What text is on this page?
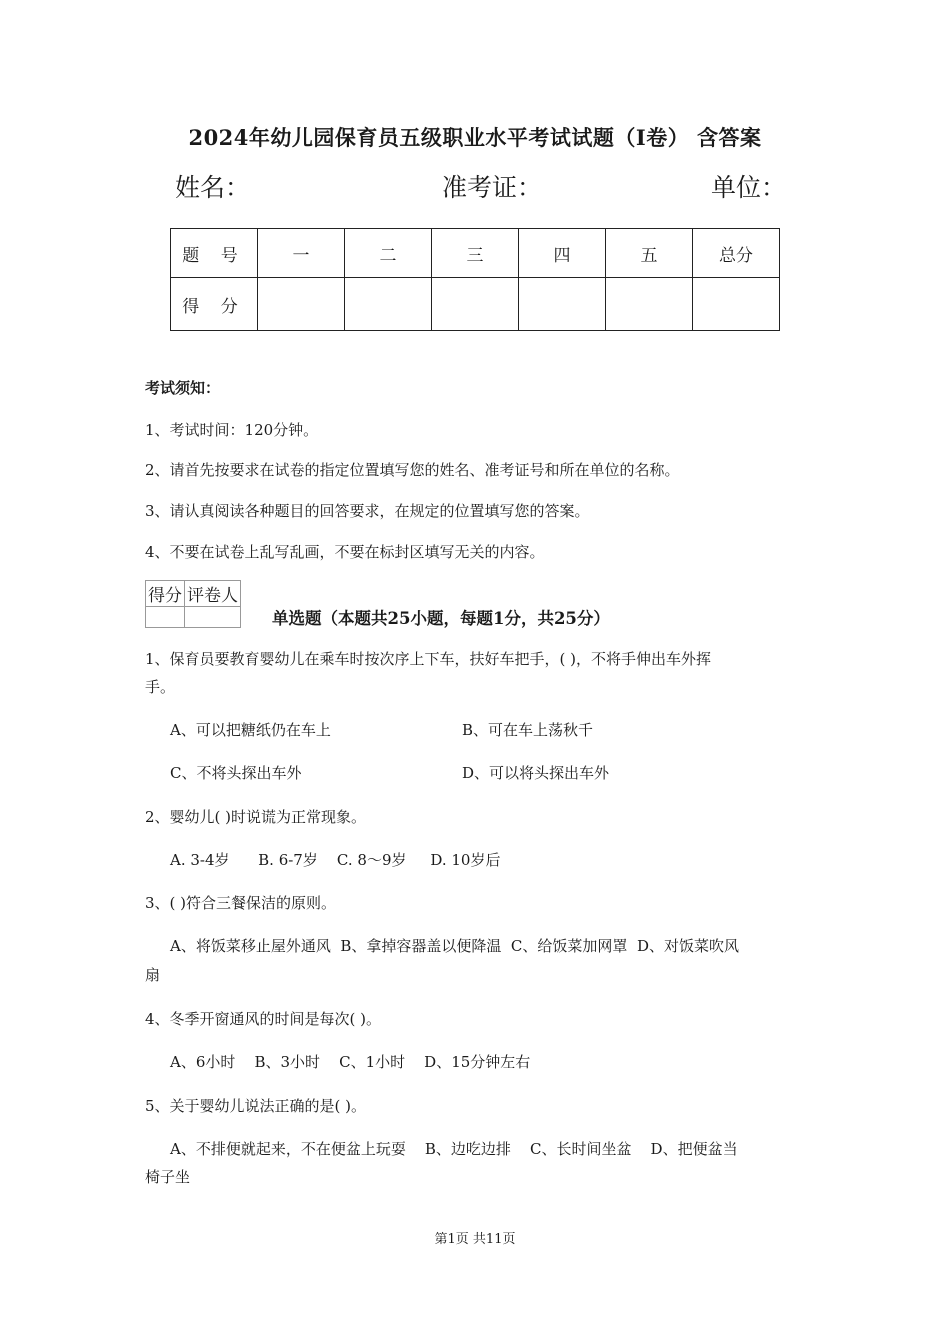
2024年幼儿园保育员五级职业水平考试试题（I卷） 含答案
姓名：	准考证：	单位：
题 号	一	二	三	四	五	总分
得 分						
考试须知：
1、考试时间：120分钟。
2、请首先按要求在试卷的指定位置填写您的姓名、准考证号和所在单位的名称。
3、请认真阅读各种题目的回答要求，在规定的位置填写您的答案。
4、不要在试卷上乱写乱画，不要在标封区填写无关的内容。
得分	评卷人

单选题（本题共25小题，每题1分，共25分）
1、保育员要教育婴幼儿在乘车时按次序上下车，扶好车把手，( )，不将手伸出车外挥
手。
A、可以把糖纸仍在车上	B、可在车上荡秋千
C、不将头探出车外	D、可以将头探出车外
2、婴幼儿( )时说谎为正常现象。
A. 3-4岁      B. 6-7岁    C. 8～9岁     D. 10岁后
3、( )符合三餐保洁的原则。
A、将饭菜移止屋外通风  B、拿掉容器盖以便降温  C、给饭菜加网罩  D、对饭菜吹风
扇
4、冬季开窗通风的时间是每次( )。
A、6小时    B、3小时    C、1小时    D、15分钟左右
5、关于婴幼儿说法正确的是( )。
A、不排便就起来，不在便盆上玩耍    B、边吃边排    C、长时间坐盆    D、把便盆当
椅子坐
第1页 共11页
